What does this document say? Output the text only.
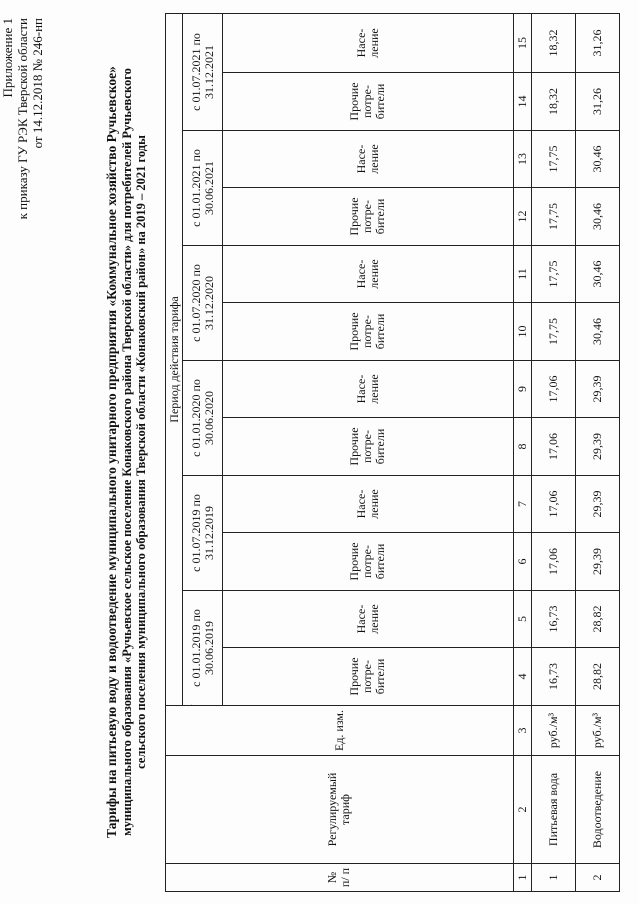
Приложение 1 к приказу ГУ РЭК Тверской области от 14.12.2018 № 246-нп	Тарифы на питьевую воду и водоотведение муниципального унитарного предприятия «Коммунальное хозяйство Ручьевское» муниципального образования «Ручьевское сельское поселение Конаковского района Тверской области» для потребителей Ручьевского сельского поселения муниципального образования Тверской области «Конаковский район» на 2019 – 2021 годы	·
№ п/ п	Регулируемый тариф	Ед. изм.	Период действия тарифа											
			с 01.01.2019 по 30.06.2019		с 01.07.2019 по 31.12.2019		с 01.01.2020 по 30.06.2020		с 01.07.2020 по 31.12.2020		с 01.01.2021 по 30.06.2021		с 01.07.2021 по 31.12.2021	
			Прочие потре- бители	Насе- ление	Прочие потре- бители	Насе- ление	Прочие потре- бители	Насе- ление	Прочие потре- бители	Насе- ление	Прочие потре- бители	Насе- ление	Прочие потре- бители	Насе- ление
1	2	3	4	5	6	7	8	9	10	11	12	13	14	15
1	Питьевая вода	руб./м³	16,73	16,73	17,06	17,06	17,06	17,06	17,75	17,75	17,75	17,75	18,32	18,32
2	Водоотведение	руб./м³	28,82	28,82	29,39	29,39	29,39	29,39	30,46	30,46	30,46	30,46	31,26	31,26
